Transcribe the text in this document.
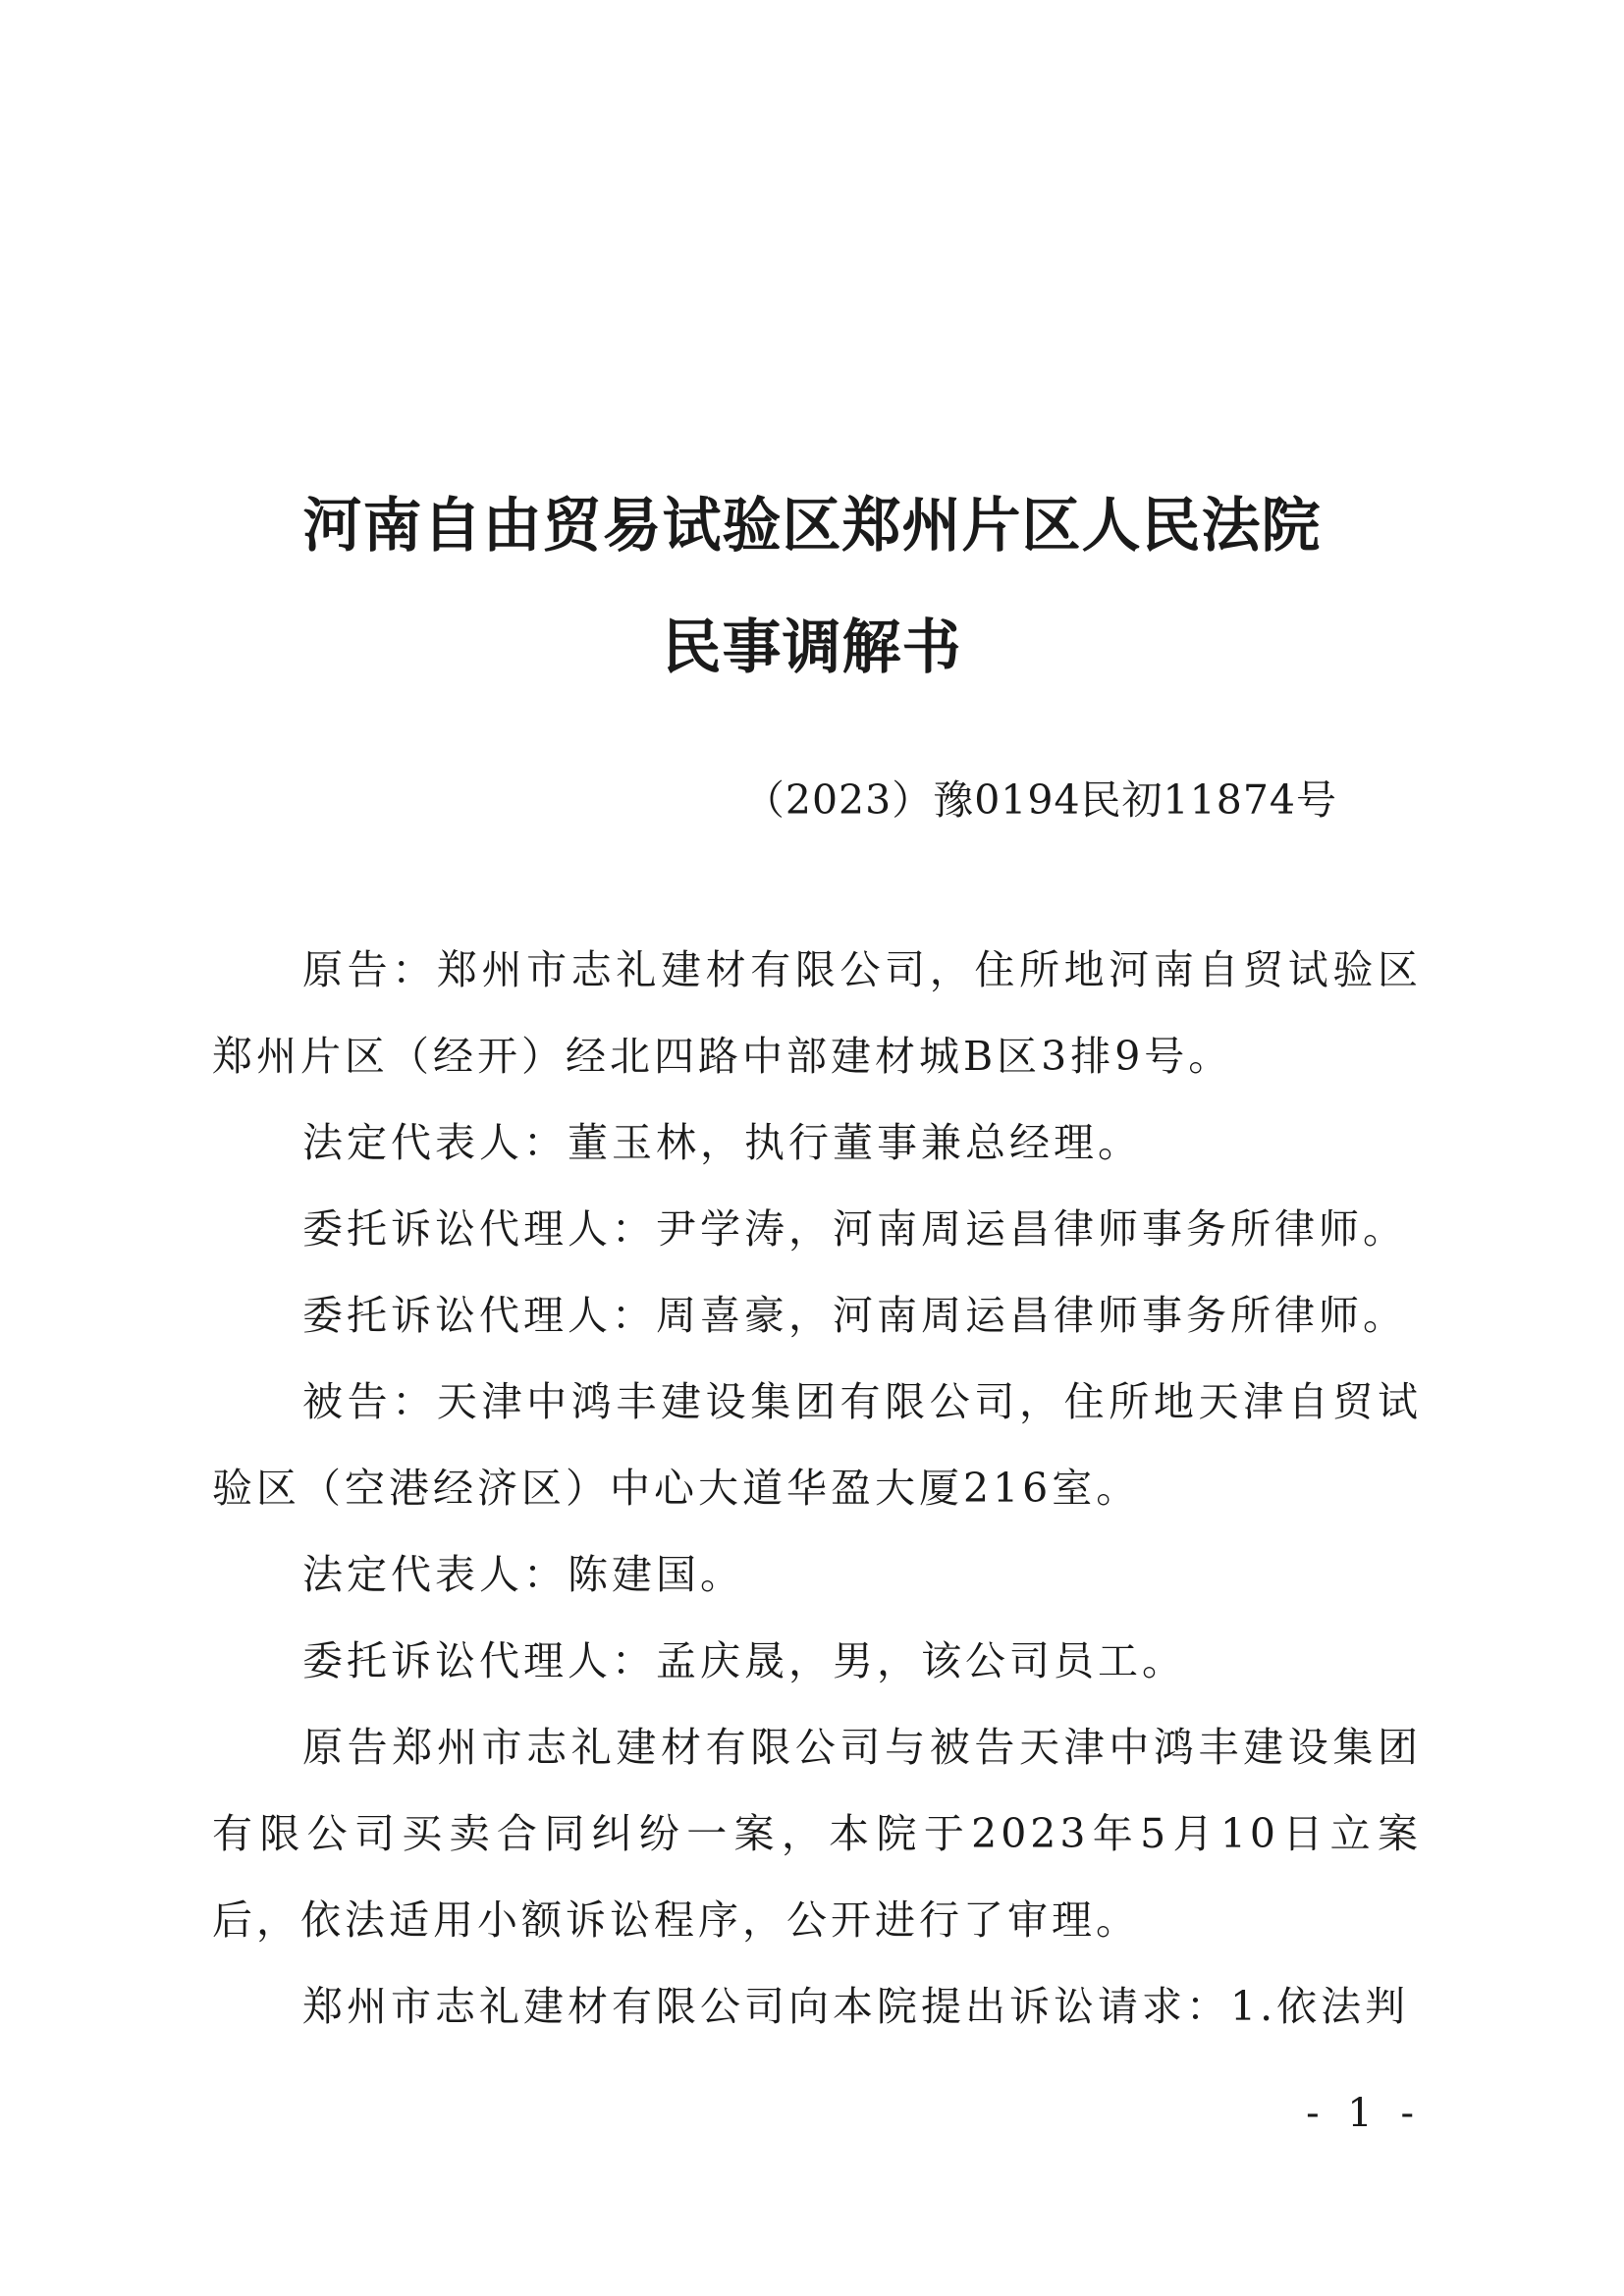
河南自由贸易试验区郑州片区人民法院
民事调解书

（2023）豫0194民初11874号

原告：郑州市志礼建材有限公司，住所地河南自贸试验区郑州片区（经开）经北四路中部建材城B区3排9号。

法定代表人：董玉林，执行董事兼总经理。

委托诉讼代理人：尹学涛，河南周运昌律师事务所律师。

委托诉讼代理人：周喜豪，河南周运昌律师事务所律师。

被告：天津中鸿丰建设集团有限公司，住所地天津自贸试验区（空港经济区）中心大道华盈大厦216室。

法定代表人：陈建国。

委托诉讼代理人：孟庆晟，男，该公司员工。

原告郑州市志礼建材有限公司与被告天津中鸿丰建设集团有限公司买卖合同纠纷一案，本院于2023年5月10日立案后，依法适用小额诉讼程序，公开进行了审理。

郑州市志礼建材有限公司向本院提出诉讼请求：1.依法判

- 1 -
